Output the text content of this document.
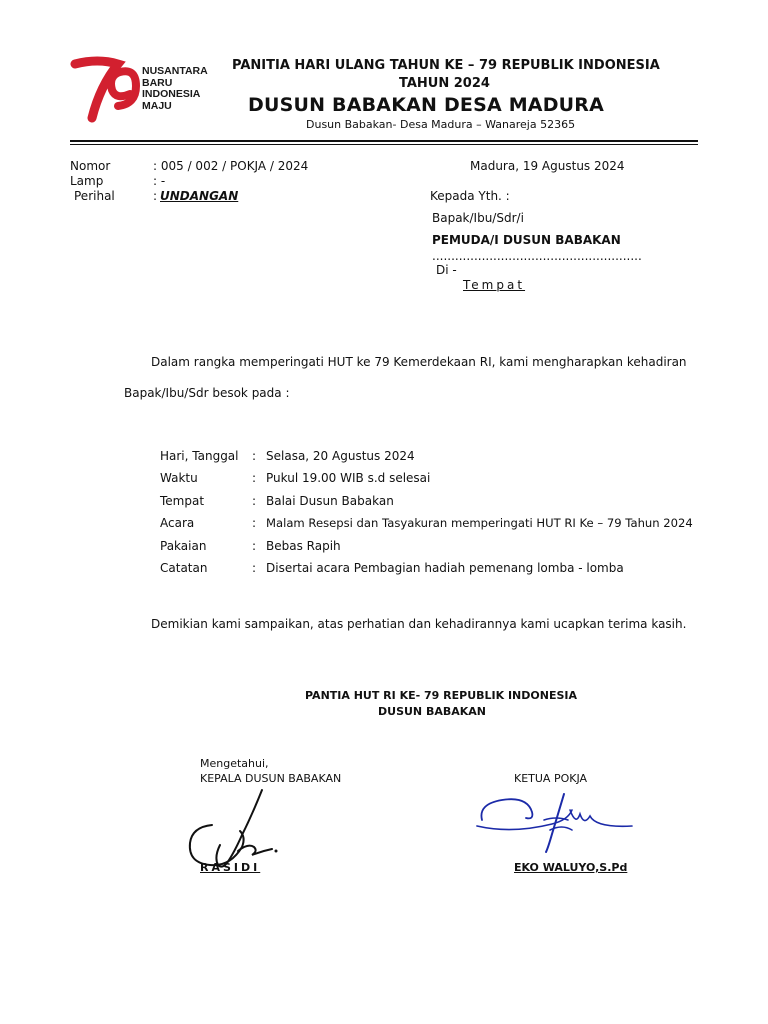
NUSANTARA
BARU
INDONESIA
MAJU
PANITIA HARI ULANG TAHUN KE – 79 REPUBLIK INDONESIA
TAHUN 2024
DUSUN BABAKAN DESA MADURA
Dusun Babakan- Desa Madura – Wanareja 52365
Nomor	: 005 / 002 / POKJA / 2024
Lamp	: -
Perihal	: UNDANGAN
Madura, 19 Agustus 2024
Kepada Yth. :
Bapak/Ibu/Sdr/i
PEMUDA/I DUSUN BABAKAN
.......................................................
Di -
Tempat
Dalam rangka memperingati HUT ke 79 Kemerdekaan RI, kami mengharapkan kehadiran
Bapak/Ibu/Sdr besok pada :
Hari, Tanggal : Selasa, 20 Agustus 2024
Waktu	: Pukul 19.00 WIB s.d selesai
Tempat	: Balai Dusun Babakan
Acara	: Malam Resepsi dan Tasyakuran memperingati HUT RI Ke – 79 Tahun 2024
Pakaian	: Bebas Rapih
Catatan	: Disertai acara Pembagian hadiah pemenang lomba - lomba
Demikian kami sampaikan, atas perhatian dan kehadirannya kami ucapkan terima kasih.
PANTIA HUT RI KE- 79 REPUBLIK INDONESIA
DUSUN BABAKAN
Mengetahui,
KEPALA DUSUN BABAKAN	KETUA POKJA
RASIDI	EKO WALUYO,S.Pd
